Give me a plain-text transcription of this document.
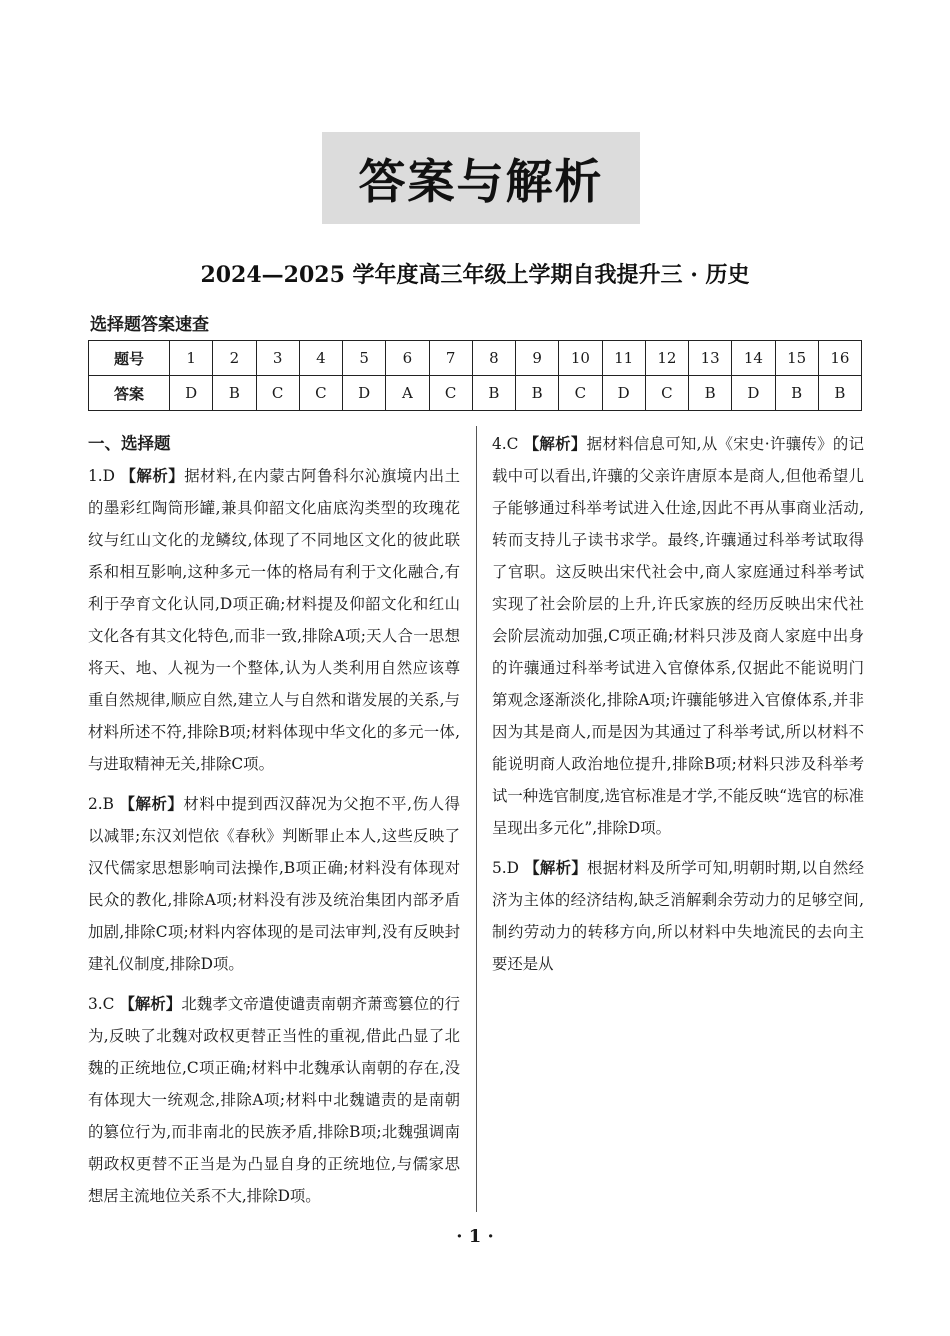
答案与解析
2024—2025 学年度高三年级上学期自我提升三 · 历史
选择题答案速查
题号	1	2	3	4	5	6	7	8	9	10	11	12	13	14	15	16
答案	D	B	C	C	D	A	C	B	B	C	D	C	B	D	B	B
一、选择题
1.D 【解析】据材料,在内蒙古阿鲁科尔沁旗境内出土的墨彩红陶筒形罐,兼具仰韶文化庙底沟类型的玫瑰花纹与红山文化的龙鳞纹,体现了不同地区文化的彼此联系和相互影响,这种多元一体的格局有利于文化融合,有利于孕育文化认同,D项正确;材料提及仰韶文化和红山文化各有其文化特色,而非一致,排除A项;天人合一思想将天、地、人视为一个整体,认为人类利用自然应该尊重自然规律,顺应自然,建立人与自然和谐发展的关系,与材料所述不符,排除B项;材料体现中华文化的多元一体,与进取精神无关,排除C项。
2.B 【解析】材料中提到西汉薛况为父抱不平,伤人得以减罪;东汉刘恺依《春秋》判断罪止本人,这些反映了汉代儒家思想影响司法操作,B项正确;材料没有体现对民众的教化,排除A项;材料没有涉及统治集团内部矛盾加剧,排除C项;材料内容体现的是司法审判,没有反映封建礼仪制度,排除D项。
3.C 【解析】北魏孝文帝遣使谴责南朝齐萧鸾篡位的行为,反映了北魏对政权更替正当性的重视,借此凸显了北魏的正统地位,C项正确;材料中北魏承认南朝的存在,没有体现大一统观念,排除A项;材料中北魏谴责的是南朝的篡位行为,而非南北的民族矛盾,排除B项;北魏强调南朝政权更替不正当是为凸显自身的正统地位,与儒家思想居主流地位关系不大,排除D项。
4.C 【解析】据材料信息可知,从《宋史·许骧传》的记载中可以看出,许骧的父亲许唐原本是商人,但他希望儿子能够通过科举考试进入仕途,因此不再从事商业活动,转而支持儿子读书求学。最终,许骧通过科举考试取得了官职。这反映出宋代社会中,商人家庭通过科举考试实现了社会阶层的上升,许氏家族的经历反映出宋代社会阶层流动加强,C项正确;材料只涉及商人家庭中出身的许骧通过科举考试进入官僚体系,仅据此不能说明门第观念逐渐淡化,排除A项;许骧能够进入官僚体系,并非因为其是商人,而是因为其通过了科举考试,所以材料不能说明商人政治地位提升,排除B项;材料只涉及科举考试一种选官制度,选官标准是才学,不能反映“选官的标准呈现出多元化”,排除D项。
5.D 【解析】根据材料及所学可知,明朝时期,以自然经济为主体的经济结构,缺乏消解剩余劳动力的足够空间,制约劳动力的转移方向,所以材料中失地流民的去向主要还是从
· 1 ·
